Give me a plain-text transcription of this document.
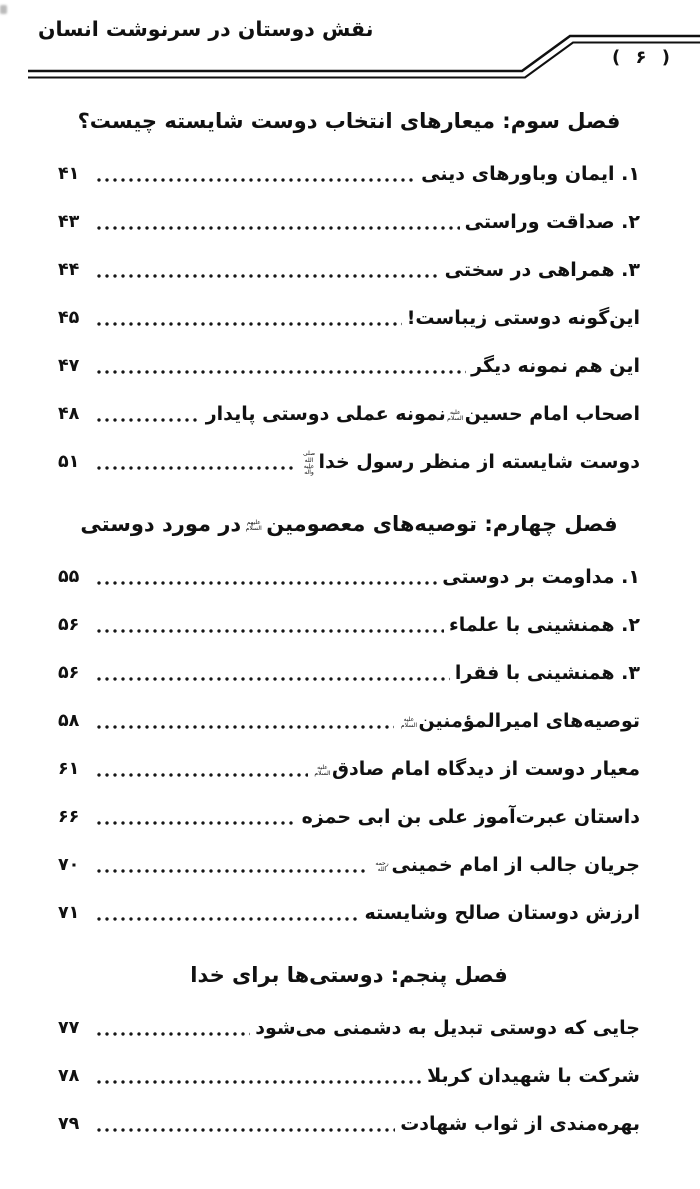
نقش دوستان در سرنوشت انسان
( ۶ )
فصل سوم: میعارهای انتخاب دوست شایسته چیست؟
۱. ایمان وباورهای دینی
۴۱
۲. صداقت وراستی
۴۳
۳. همراهی در سختی
۴۴
این‌گونه دوستی زیباست!
۴۵
این هم نمونه دیگر
۴۷
اصحاب امام حسین
علیه السلام
نمونه عملی دوستی پایدار
۴۸
دوست شایسته از منظر رسول خدا
صلی الله علیه وآله
۵۱
فصل چهارم: توصیه‌های معصومین
علیهم السلام
در مورد دوستی
۱. مداومت بر دوستی
۵۵
۲. همنشینی با علماء
۵۶
۳. همنشینی با فقرا
۵۶
توصیه‌های امیرالمؤمنین
علیه السلام
۵۸
معیار دوست از دیدگاه امام صادق
علیه السلام
۶۱
داستان عبرت‌آموز علی بن ابی حمزه
۶۶
جریان جالب از امام خمینی
رحمه الله
۷۰
ارزش دوستان صالح وشایسته
۷۱
فصل پنجم: دوستی‌ها برای خدا
جایی که دوستی تبدیل به دشمنی می‌شود
۷۷
شرکت با شهیدان کربلا
۷۸
بهره‌مندی از ثواب شهادت
۷۹
